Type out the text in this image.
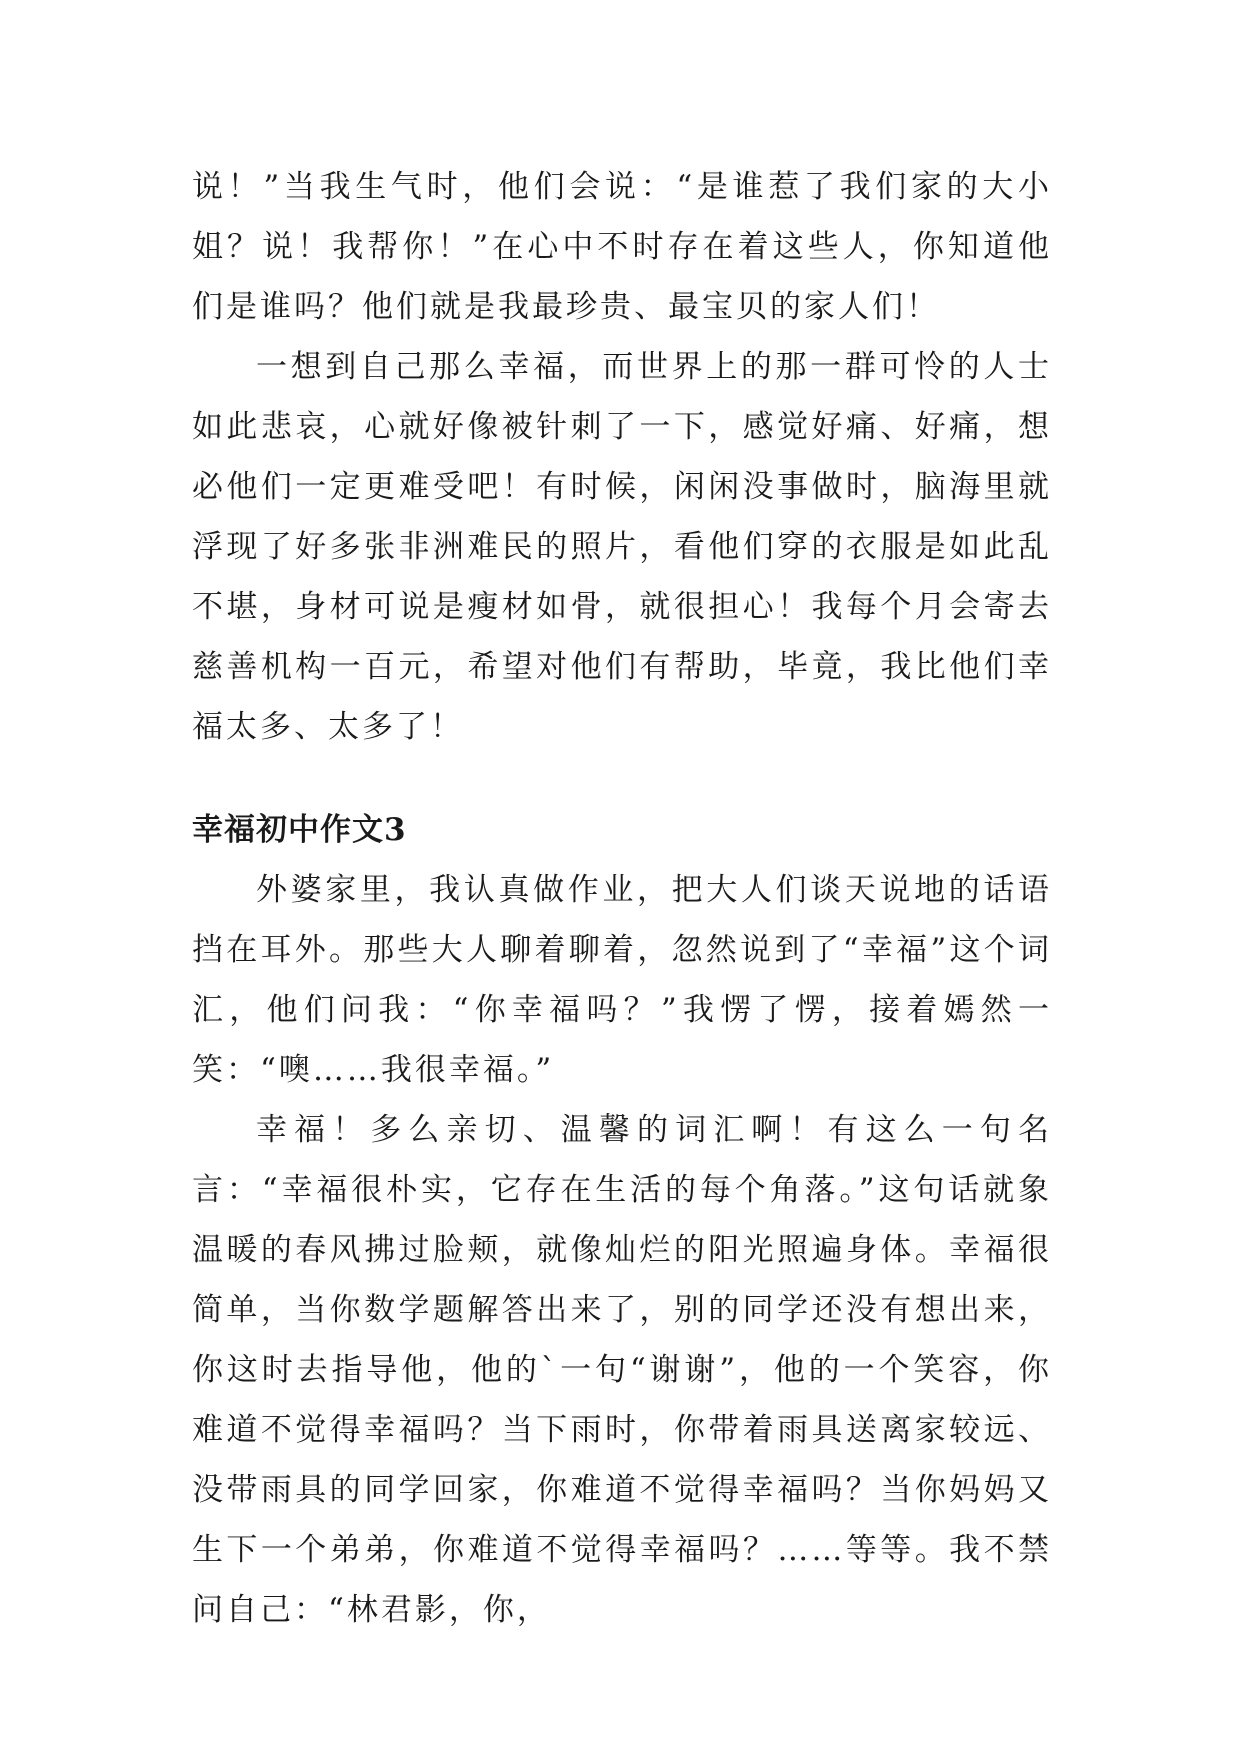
说！”当我生气时，他们会说：“是谁惹了我们家的大小姐？说！我帮你！”在心中不时存在着这些人，你知道他们是谁吗？他们就是我最珍贵、最宝贝的家人们！

一想到自己那么幸福，而世界上的那一群可怜的人士如此悲哀，心就好像被针刺了一下，感觉好痛、好痛，想必他们一定更难受吧！有时候，闲闲没事做时，脑海里就浮现了好多张非洲难民的照片，看他们穿的衣服是如此乱不堪，身材可说是瘦材如骨，就很担心！我每个月会寄去慈善机构一百元，希望对他们有帮助，毕竟，我比他们幸福太多、太多了！

幸福初中作文3

外婆家里，我认真做作业，把大人们谈天说地的话语挡在耳外。那些大人聊着聊着，忽然说到了“幸福”这个词汇，他们问我：“你幸福吗？”我愣了愣，接着嫣然一笑：“噢……我很幸福。”

幸福！多么亲切、温馨的词汇啊！有这么一句名言：“幸福很朴实，它存在生活的每个角落。”这句话就象温暖的春风拂过脸颊，就像灿烂的阳光照遍身体。幸福很简单，当你数学题解答出来了，别的同学还没有想出来，你这时去指导他，他的`一句“谢谢”，他的一个笑容，你难道不觉得幸福吗？当下雨时，你带着雨具送离家较远、没带雨具的同学回家，你难道不觉得幸福吗？当你妈妈又生下一个弟弟，你难道不觉得幸福吗？……等等。我不禁问自己：“林君影，你，
